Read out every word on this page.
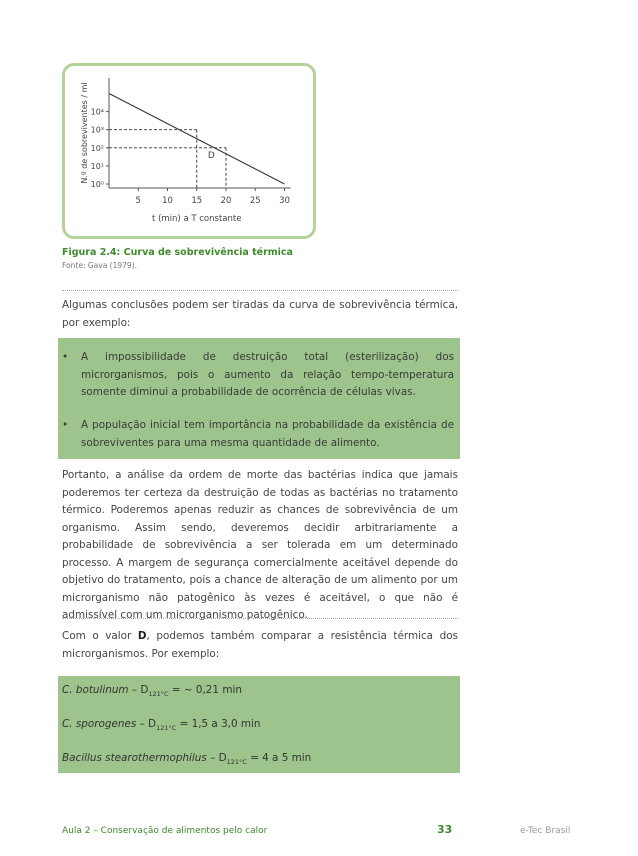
10⁰
10¹
10²
10³
10⁴
5 10 15 20 25 30
D
t (min) a T constante
N.º de sobreviventes / ml
Figura 2.4: Curva de sobrevivência térmica
Fonte: Gava (1979).
Algumas conclusões podem ser tiradas da curva de sobrevivência térmica, por exemplo:
• A impossibilidade de destruição total (esterilização) dos microrganismos, pois o aumento da relação tempo-temperatura somente diminui a probabilidade de ocorrência de células vivas.
• A população inicial tem importância na probabilidade da existência de sobreviventes para uma mesma quantidade de alimento.
Portanto, a análise da ordem de morte das bactérias indica que jamais poderemos ter certeza da destruição de todas as bactérias no tratamento térmico. Poderemos apenas reduzir as chances de sobrevivência de um organismo. Assim sendo, deveremos decidir arbitrariamente a probabilidade de sobrevivência a ser tolerada em um determinado processo. A margem de segurança comercialmente aceitável depende do objetivo do tratamento, pois a chance de alteração de um alimento por um microrganismo não patogênico às vezes é aceitável, o que não é admissível com um microrganismo patogênico.
Com o valor D, podemos também comparar a resistência térmica dos microrganismos. Por exemplo:
C. botulinum – $D_{121^\circ C}$ = ~ 0,21 min
C. sporogenes – $D_{121^\circ C} = 1,5$ a 3,0 min
Bacillus stearothermophilus – $D_{121^\circ C} = 4$ a 5 min
Aula 2 – Conservação de alimentos pelo calor	33	e-Tec Brasil
